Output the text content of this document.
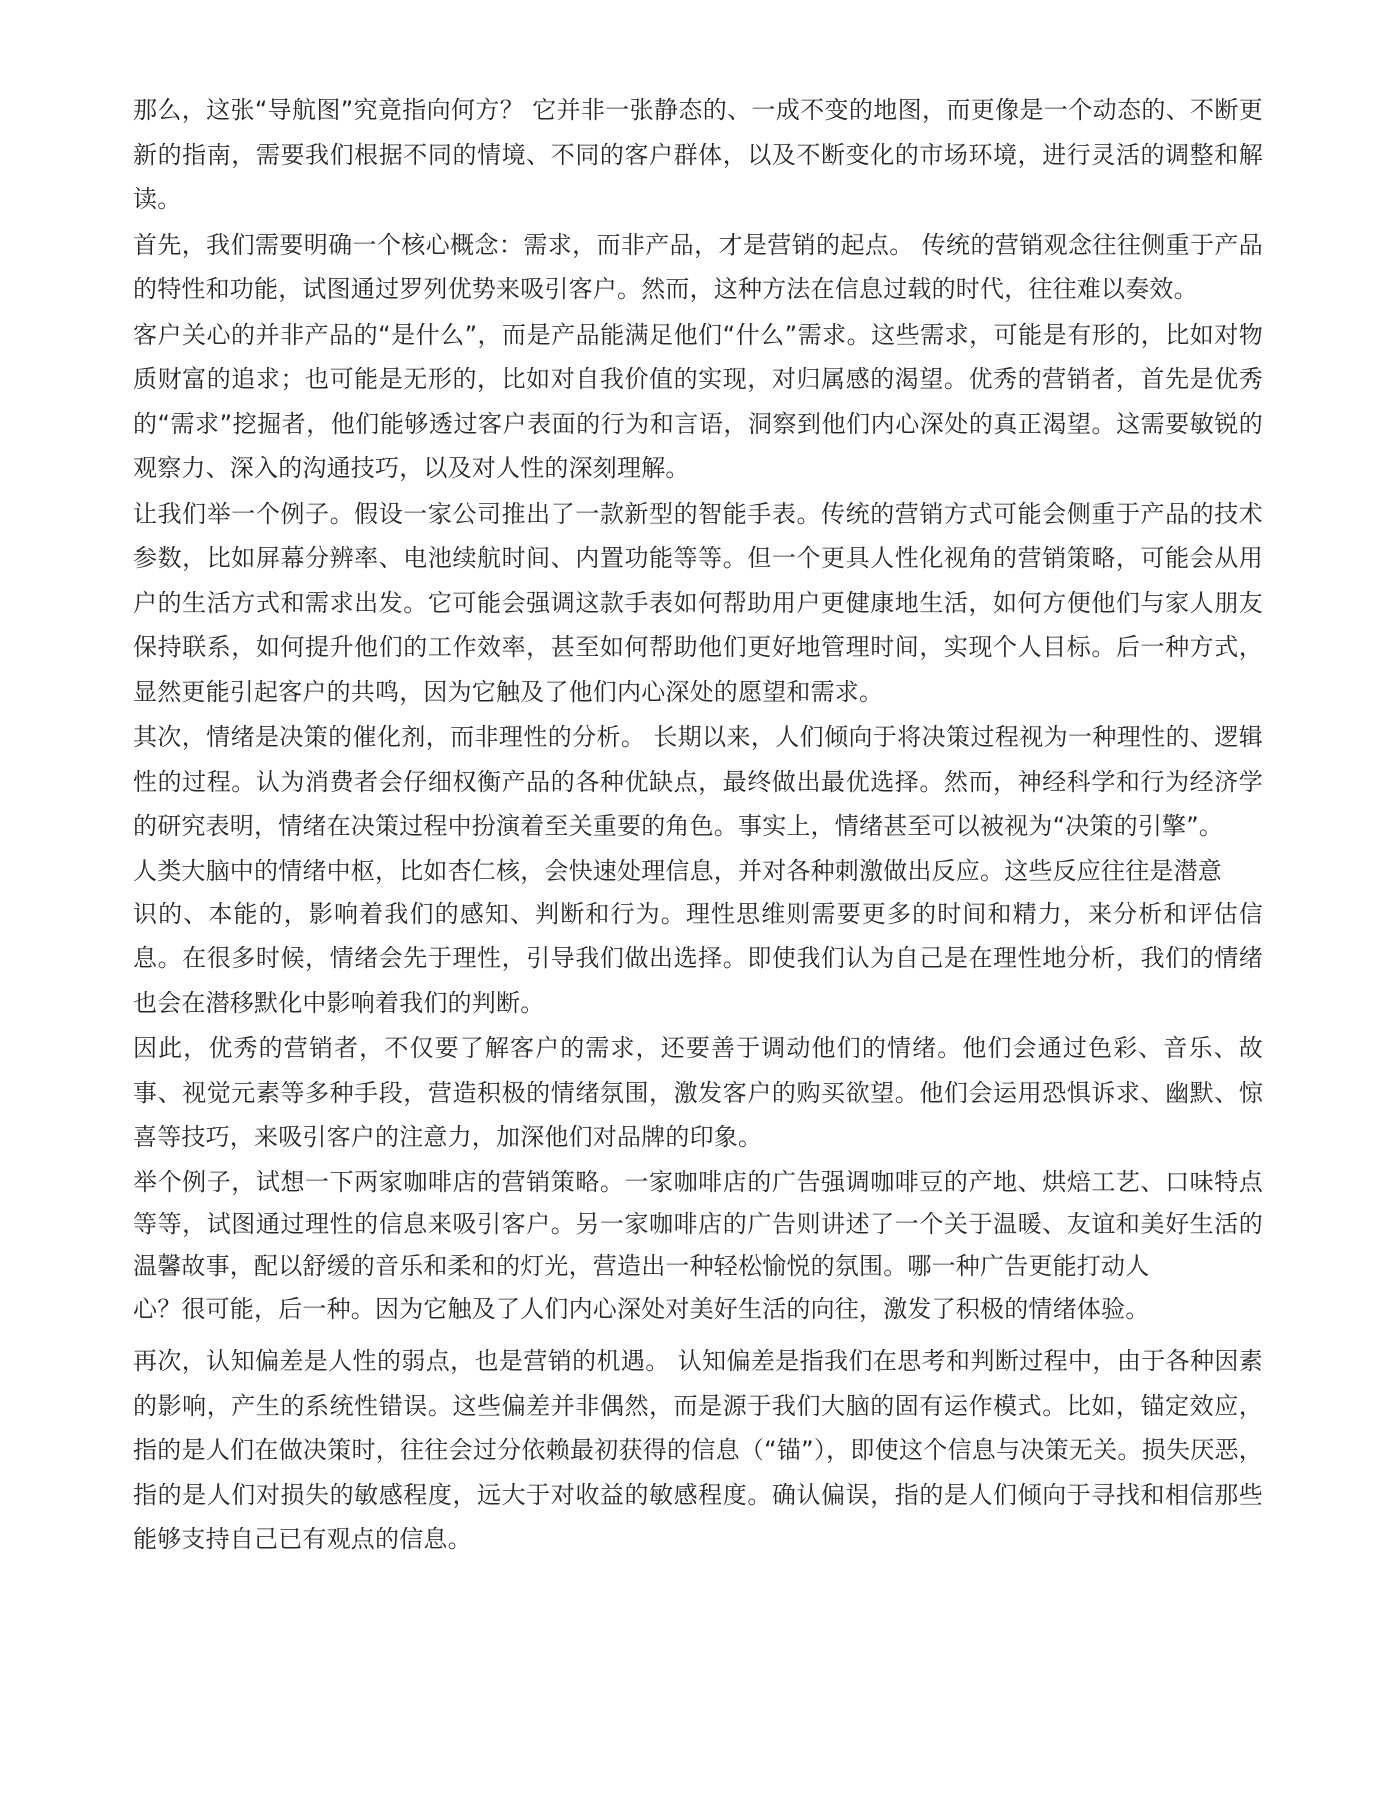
那么，这张“导航图”究竟指向何方？ 它并非一张静态的、一成不变的地图，而更像是一个动态的、不断更新的指南，需要我们根据不同的情境、不同的客户群体，以及不断变化的市场环境，进行灵活的调整和解读。

首先，我们需要明确一个核心概念：需求，而非产品，才是营销的起点。 传统的营销观念往往侧重于产品的特性和功能，试图通过罗列优势来吸引客户。然而，这种方法在信息过载的时代，往往难以奏效。

客户关心的并非产品的“是什么”，而是产品能满足他们“什么”需求。这些需求，可能是有形的，比如对物质财富的追求；也可能是无形的，比如对自我价值的实现，对归属感的渴望。优秀的营销者，首先是优秀的“需求”挖掘者，他们能够透过客户表面的行为和言语，洞察到他们内心深处的真正渴望。这需要敏锐的观察力、深入的沟通技巧，以及对人性的深刻理解。

让我们举一个例子。假设一家公司推出了一款新型的智能手表。传统的营销方式可能会侧重于产品的技术参数，比如屏幕分辨率、电池续航时间、内置功能等等。但一个更具人性化视角的营销策略，可能会从用户的生活方式和需求出发。它可能会强调这款手表如何帮助用户更健康地生活，如何方便他们与家人朋友保持联系，如何提升他们的工作效率，甚至如何帮助他们更好地管理时间，实现个人目标。后一种方式，显然更能引起客户的共鸣，因为它触及了他们内心深处的愿望和需求。

其次，情绪是决策的催化剂，而非理性的分析。 长期以来，人们倾向于将决策过程视为一种理性的、逻辑性的过程。认为消费者会仔细权衡产品的各种优缺点，最终做出最优选择。然而，神经科学和行为经济学的研究表明，情绪在决策过程中扮演着至关重要的角色。事实上，情绪甚至可以被视为“决策的引擎”。

人类大脑中的情绪中枢，比如杏仁核，会快速处理信息，并对各种刺激做出反应。这些反应往往是潜意

识的、本能的，影响着我们的感知、判断和行为。理性思维则需要更多的时间和精力，来分析和评估信息。在很多时候，情绪会先于理性，引导我们做出选择。即使我们认为自己是在理性地分析，我们的情绪也会在潜移默化中影响着我们的判断。

因此，优秀的营销者，不仅要了解客户的需求，还要善于调动他们的情绪。他们会通过色彩、音乐、故事、视觉元素等多种手段，营造积极的情绪氛围，激发客户的购买欲望。他们会运用恐惧诉求、幽默、惊喜等技巧，来吸引客户的注意力，加深他们对品牌的印象。

举个例子，试想一下两家咖啡店的营销策略。一家咖啡店的广告强调咖啡豆的产地、烘焙工艺、口味特点等等，试图通过理性的信息来吸引客户。另一家咖啡店的广告则讲述了一个关于温暖、友谊和美好生活的温馨故事，配以舒缓的音乐和柔和的灯光，营造出一种轻松愉悦的氛围。哪一种广告更能打动人

心？很可能，后一种。因为它触及了人们内心深处对美好生活的向往，激发了积极的情绪体验。

再次，认知偏差是人性的弱点，也是营销的机遇。 认知偏差是指我们在思考和判断过程中，由于各种因素的影响，产生的系统性错误。这些偏差并非偶然，而是源于我们大脑的固有运作模式。比如，锚定效应，指的是人们在做决策时，往往会过分依赖最初获得的信息（“锚”），即使这个信息与决策无关。损失厌恶，指的是人们对损失的敏感程度，远大于对收益的敏感程度。确认偏误，指的是人们倾向于寻找和相信那些能够支持自己已有观点的信息。
